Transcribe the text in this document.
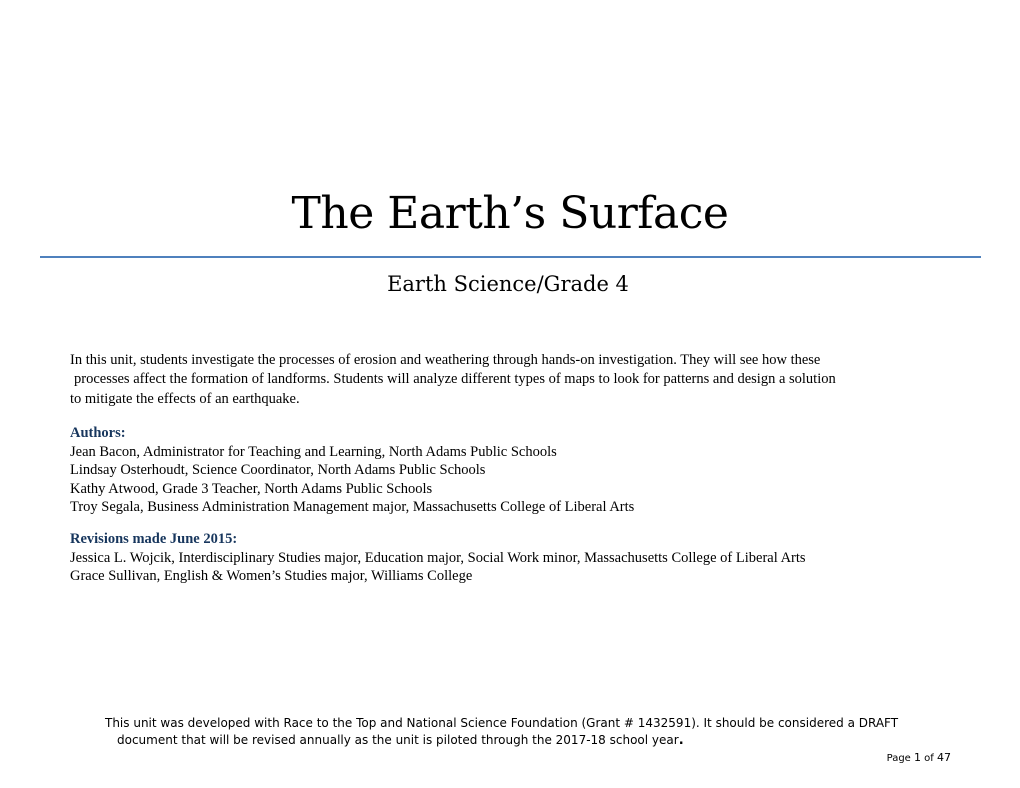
The Earth’s Surface
Earth Science/Grade 4
In this unit, students investigate the processes of erosion and weathering through hands-on investigation. They will see how these
processes affect the formation of landforms. Students will analyze different types of maps to look for patterns and design a solution
to mitigate the effects of an earthquake.
Authors:
Jean Bacon, Administrator for Teaching and Learning, North Adams Public Schools
Lindsay Osterhoudt, Science Coordinator, North Adams Public Schools
Kathy Atwood, Grade 3 Teacher, North Adams Public Schools
Troy Segala, Business Administration Management major, Massachusetts College of Liberal Arts
Revisions made June 2015:
Jessica L. Wojcik, Interdisciplinary Studies major, Education major, Social Work minor, Massachusetts College of Liberal Arts
Grace Sullivan, English & Women’s Studies major, Williams College
This unit was developed with Race to the Top and National Science Foundation (Grant # 1432591). It should be considered a DRAFT
document that will be revised annually as the unit is piloted through the 2017-18 school year.
Page 1 of 47
